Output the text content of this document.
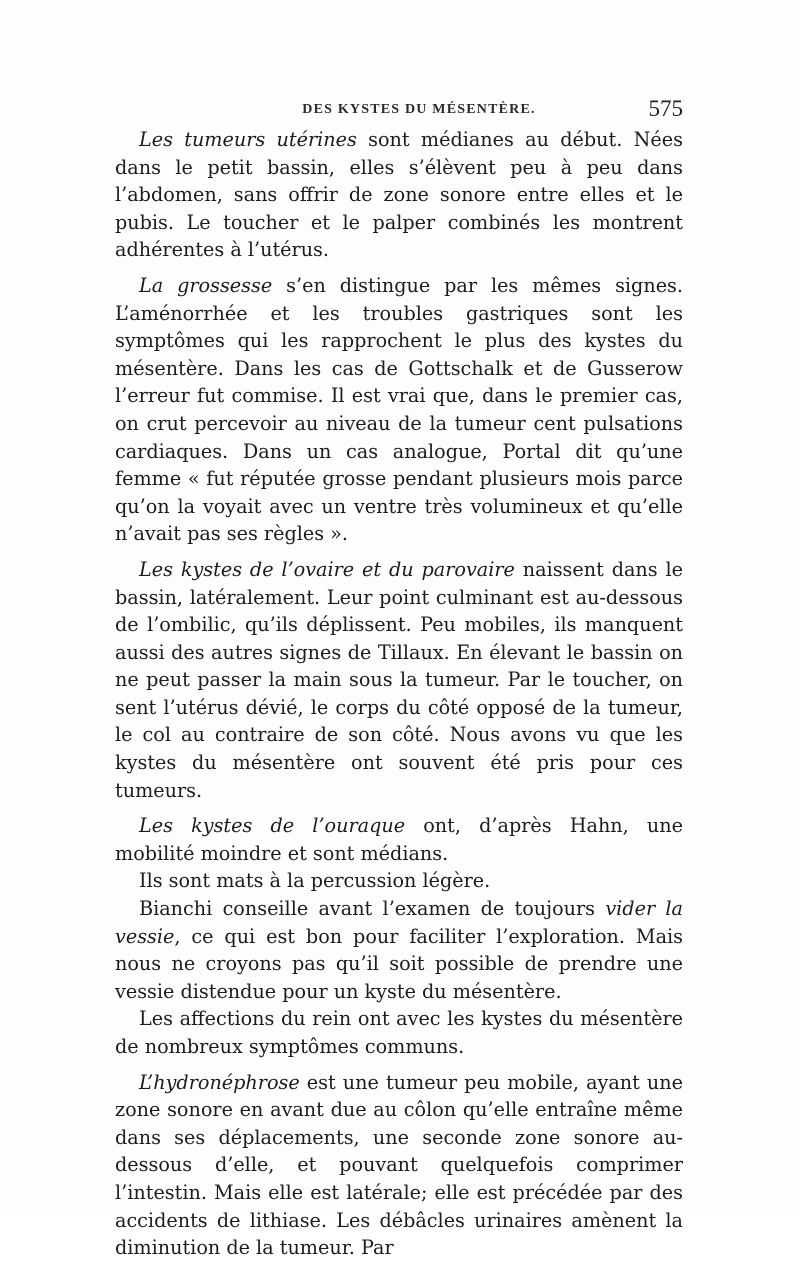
DES KYSTES DU MÉSENTÈRE.	575

Les tumeurs utérines sont médianes au début. Nées dans le petit bassin, elles s’élèvent peu à peu dans l’abdomen, sans offrir de zone sonore entre elles et le pubis. Le toucher et le palper combinés les montrent adhérentes à l’utérus.

La grossesse s’en distingue par les mêmes signes. L’aménorrhée et les troubles gastriques sont les symptômes qui les rapprochent le plus des kystes du mésentère. Dans les cas de Gottschalk et de Gusserow l’erreur fut commise. Il est vrai que, dans le premier cas, on crut percevoir au niveau de la tumeur cent pulsations cardiaques. Dans un cas analogue, Portal dit qu’une femme « fut réputée grosse pendant plusieurs mois parce qu’on la voyait avec un ventre très volumineux et qu’elle n’avait pas ses règles ».

Les kystes de l’ovaire et du parovaire naissent dans le bassin, latéralement. Leur point culminant est au-dessous de l’ombilic, qu’ils déplissent. Peu mobiles, ils manquent aussi des autres signes de Tillaux. En élevant le bassin on ne peut passer la main sous la tumeur. Par le toucher, on sent l’utérus dévié, le corps du côté opposé de la tumeur, le col au contraire de son côté. Nous avons vu que les kystes du mésentère ont souvent été pris pour ces tumeurs.

Les kystes de l’ouraque ont, d’après Hahn, une mobilité moindre et sont médians.

Ils sont mats à la percussion légère.

Bianchi conseille avant l’examen de toujours vider la vessie, ce qui est bon pour faciliter l’exploration. Mais nous ne croyons pas qu’il soit possible de prendre une vessie distendue pour un kyste du mésentère.

Les affections du rein ont avec les kystes du mésentère de nombreux symptômes communs.

L’hydronéphrose est une tumeur peu mobile, ayant une zone sonore en avant due au côlon qu’elle entraîne même dans ses déplacements, une seconde zone sonore au-dessous d’elle, et pouvant quelquefois comprimer l’intestin. Mais elle est latérale; elle est précédée par des accidents de lithiase. Les débâcles urinaires amènent la diminution de la tumeur. Par
